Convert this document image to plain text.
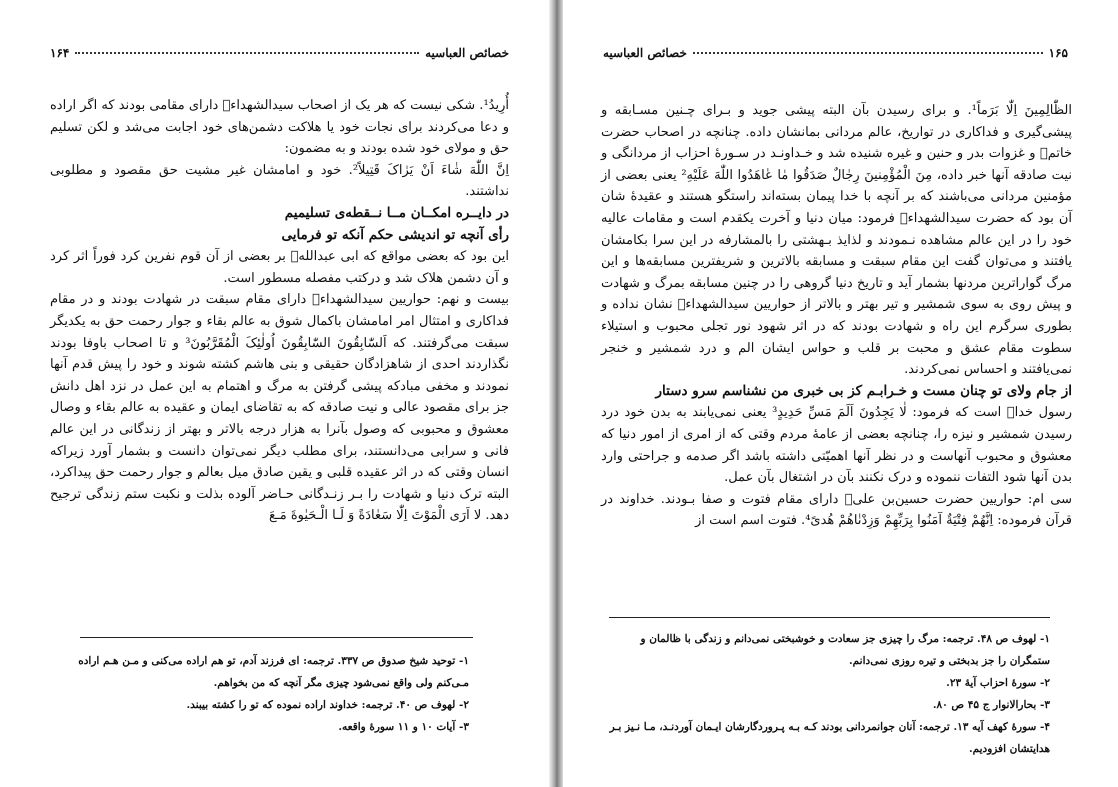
خصائص العباسیه
۱۶۴

أُرِیدُ¹. شکی نیست که هر یک از اصحاب سیدالشهداء﷣ دارای مقامی بودند که اگر اراده و دعا می‌کردند برای نجات خود یا هلاکت دشمن‌های خود اجابت می‌شد و لکن تسلیم حق و مولای خود شده بودند و به مضمون:

اِنَّ اللّٰهَ شٰاءَ اَنْ یَرٰاکَ قَتِیلاً². خود و امامشان غیر مشیت حق مقصود و مطلوبی نداشتند.

در دایــره امکــان مــا نــقطه‌ی تسلیمیم

رأی آنچه تو اندیشی حکم آنکه تو فرمایی

این بود که بعضی مواقع که ابی عبدالله﷣ بر بعضی از آن قوم نفرین کرد فوراً اثر کرد و آن دشمن هلاک شد و درکتب مفصله مسطور است.

بیست و نهم: حواریین سیدالشهداء﷣ دارای مقام سبقت در شهادت بودند و در مقام فداکاری و امتثال امر امامشان باکمال شوق به عالم بقاء و جوار رحمت حق به یکدیگر سبقت می‌گرفتند. که اَلسّٰابِقُونَ السّٰابِقُونَ اُولٰئِکَ الْمُقَرَّبُونَ³ و تا اصحاب باوفا بودند نگذاردند احدی از شاهزادگان حقیقی و بنی هاشم کشته شوند و خود را پیش قدم آنها نمودند و مخفی مبادکه پیشی گرفتن به مرگ و اهتمام به این عمل در نزد اهل دانش جز برای مقصود عالی و نیت صادقه که به تقاضای ایمان و عقیده به عالم بقاء و وصال معشوق و محبوبی که وصول بآنرا به هزار درجه بالاتر و بهتر از زندگانی در این عالم فانی و سرابی می‌دانستند، برای مطلب دیگر نمی‌توان دانست و بشمار آورد زیراکه انسان وقتی که در اثر عقیده قلبی و یقین صادق میل بعالم و جوار رحمت حق پیداکرد، البته ترک دنیا و شهادت را بـر زنـدگانی حـاضر آلوده بذلت و نکبت ستم زندگی ترجیح دهد. لا اَرَی الْمَوْتَ اِلّٰا سَعٰادَةً وَ لَـا الْـحَیٰوةَ مَـعَ

۱- توحید شیخ صدوق ص ۳۳۷. ترجمه: ای فرزند آدم، تو هم اراده می‌کنی و مـن هـم اراده مـی‌کنم ولی واقع نمی‌شود چیزی مگر آنچه که من بخواهم.

۲- لهوف ص ۴۰. ترجمه: خداوند اراده نموده که تو را کشته بیبند.

۳- آیات ۱۰ و ۱۱ سورهٔ واقعه.

۱۶۵
خصائص العباسیه

الظّٰالِمِینَ اِلّٰا بَرَماً¹. و برای رسیدن بآن البته پیشی جوید و بـرای چـنین مسـابقه و پیشی‌گیری و فداکاری در تواریخ، عالم مردانی بمانشان داده. چنانچه در اصحاب حضرت خاتم﷤ و غزوات بدر و حنین و غیره شنیده شد و خـداونـد در سـورهٔ احزاب از مردانگی و نیت صادقه آنها خبر داده، مِنَ الْمُؤْمِنینَ رِجٰالٌ صَدَقُوا مٰا عٰاهَدُوا اللّٰهَ عَلَیْهِ² یعنی بعضی از مؤمنین مردانی می‌باشند که بر آنچه با خدا پیمان بسته‌اند راستگو هستند و عقیدهٔ شان آن بود که حضرت سیدالشهداء﷣ فرمود: میان دنیا و آخرت یکقدم است و مقامات عالیه خود را در این عالم مشاهده نـمودند و لذایذ بـهشتی را بالمشارفه در این سرا بکامشان یافتند و می‌توان گفت این مقام سبقت و مسابقه بالاترین و شریفترین مسابقه‌ها و این مرگ گواراترین مردنها بشمار آید و تاریخ دنیا گروهی را در چنین مسابقه بمرگ و شهادت و پیش روی به سوی شمشیر و تیر بهتر و بالاتر از حواریین سیدالشهداء﷣ نشان نداده و بطوری سرگرم این راه و شهادت بودند که در اثر شهود نور تجلی محبوب و استیلاء سطوت مقام عشق و محبت بر قلب و حواس ایشان الم و درد شمشیر و خنجر نمی‌یافتند و احساس نمی‌کردند.

از جام ولای تو چنان مست و خـرابـم کز بی خبری من نشناسم سرو دستار

رسول خدا﷤ است که فرمود: لٰا یَجِدُونَ اَلَمَ مَسِّ حَدِیدٍ³ یعنی نمی‌یابند به بدن خود درد رسیدن شمشیر و نیزه را، چنانچه بعضی از عامهٔ مردم وقتی که از امری از امور دنیا که معشوق و محبوب آنهاست و در نظر آنها اهمیّتی داشته باشد اگر صدمه و جراحتی وارد بدن آنها شود التفات ننموده و درک نکنند بآن در اشتغال بآن عمل.

سی ام: حواریین حضرت حسین‌بن علی﷣ دارای مقام فتوت و صفا بـودند. خداوند در قرآن فرموده: اِنَّهُمْ فِتْیَةٌ آمَنُوا بِرَبِّهِمْ وَزِدْنٰاهُمْ هُدیً⁴. فتوت اسم است از

۱- لهوف ص ۴۸. ترجمه: مرگ را چیزی جز سعادت و خوشبختی نمی‌دانم و زندگی با ظالمان و ستمگران را جز بدبختی و تیره روزی نمی‌دانم.

۲- سورهٔ احزاب آیهٔ ۲۳.

۳- بحارالانوار ج ۴۵ ص ۸۰.

۴- سورهٔ کهف آیه ۱۳. ترجمه: آنان جوانمردانی بودند کـه بـه پـروردگارشان ایـمان آوردنـد، مـا نـیز بـر هدایتشان افزودیم.
